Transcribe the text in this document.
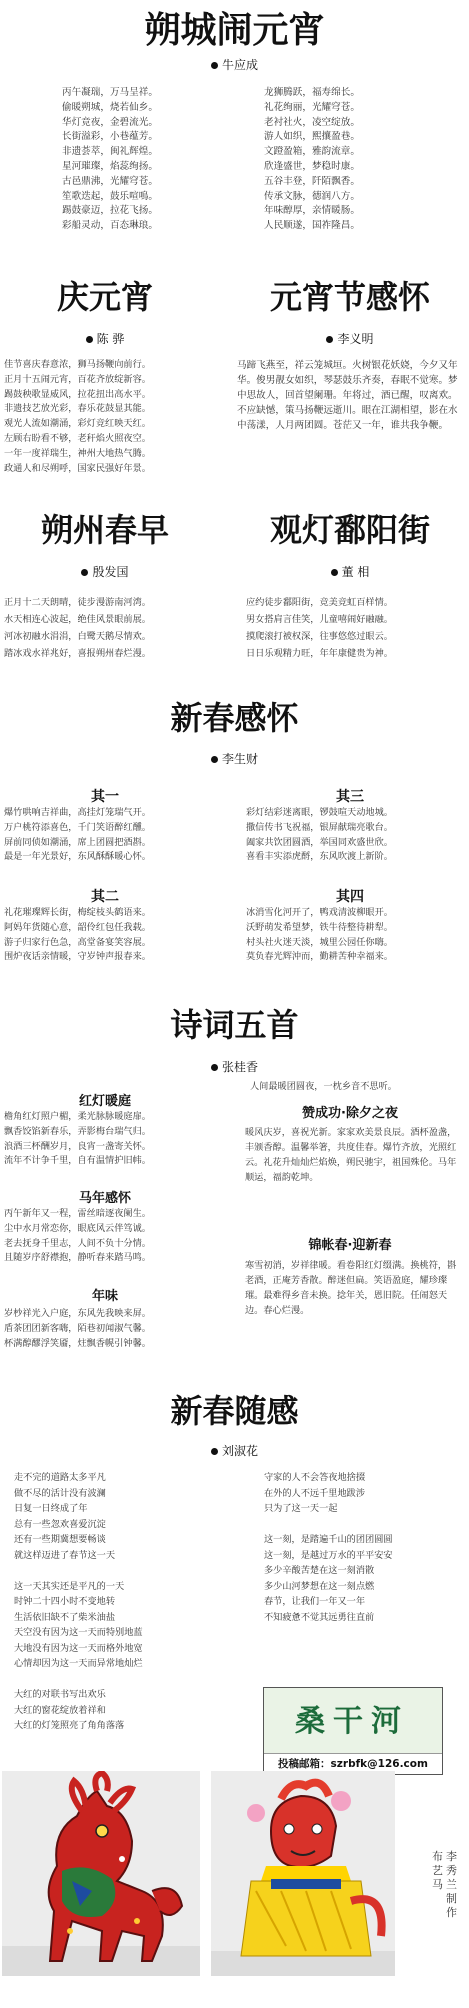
朔城闹元宵
牛应成
丙午凝瑞，万马呈祥。
偷暖朔城，烧若仙乡。
华灯竞夜，金碧流光。
长街溢彩，小巷蕴芳。
非遗荟萃，闽礼辉煌。
星河璀璨，焰蕊绚扬。
古邑鼎沸，光耀穹苍。
笙歌迭起，鼓乐喧鳴。
踢鼓豪迈，拉花飞扬。
彩船灵动，百态琳琅。
龙狮腾跃，福寿绵长。
礼花绚丽，光耀穹苍。
老衬社火，凌空绽放。
游人如织，熙攘盈巷。
文蹬盈箱，雅韵流章。
欣逢盛世，梦稳时康。
五谷丰登，阡陌飘香。
传承文脉，德润八方。
年味醇厚，亲情暖肠。
人民顺遂，国祚隆昌。
庆元宵
陈 骅
佳节喜庆春意浓，狮马扬鞭向前行。
正月十五闹元宵，百花齐放绽新容。
踢鼓秧歌显威风，拉花扭出高水平。
非遗技艺放光彩，春乐花鼓显其能。
观光人流如潮涌，彩灯竞红映天红。
左顾右盼看不够，老秆焰火照夜空。
一年一度祥瑞生，神州大地热气腾。
政通人和尽朔呼，国家民强好年景。
元宵节感怀
李义明

马蹄飞燕至，祥云笼城垣。火树银花妖娆，今夕又年华。俊男靓女如织，琴瑟鼓乐齐奏，春眠不觉寒。梦中思故人，回首望阑珊。年将过，酒已醒，叹离欢。不应缺憾，策马扬鞭远逝川。眼在江湖相望，影在水中荡漾，人月两团圆。苍茫又一年，谁共我争鞭。

朔州春早
殷发国
正月十二天朗晴，徒步漫游南河湾。
水天相连心波起，绝佳风景眼前展。
河冰初融水涓涓，白鹭天鹅尽情欢。
踏冰戏水祥兆好，喜报朔州春烂漫。
观灯鄱阳街
董 相
应约徒步鄱阳街，竞美竞虹百样情。
男女搭肩言佳笑，儿童嘻闹好融融。
摸爬滚打被权深，往事悠悠过眼云。
日日乐观精力旺，年年康健贵为神。
新春感怀
李生财
其一
爆竹哄响吉祥曲，高挂灯笼瑞气开。
万户桃符添喜色，千门笑语醉红醺。
屏前同侦如潮涌，席上团圆把酒斟。
最是一年光景好，东风酥酥暖心怀。
其三
彩灯结彩迷离眼，锣鼓喧天动地城。
撒信传书飞祝福，银屏献瑞亮歌台。
阖家共饮团圆酒，举国同欢盛世欣。
喜看丰实添虎酹，东风吹渡上新阶。
其二
礼花璀璨辉长街，梅绽枝头鹤语来。
阿妈年货随心意，韶伶红包任我载。
游子归家行色急，高堂备宴笑容展。
围炉夜话亲情暖，守岁钟声报春来。
其四
冰消雪化河开了，鸭戏清波柳眼开。
沃野萌发希望梦，铁牛待整待耕犁。
村头社火迷天淡，城里公园任你嗨。
莫负春光辉沖而，勤耕苦种幸福来。
诗词五首
张桂香
红灯暖庭
檐角红灯照户楣，柔光脉脉暖庭扉。
飘香饺馅新春乐，弄影梅台瑞气归。
浪酒三杯酬岁月，良宵一盏寄关怀。
流年不计争千里，自有温情护旧帏。
马年感怀
丙午新年又一程，雷丝暗逐夜阑生。
尘中水月常恋你，眼底风云伴笃诚。
老去抚身千里志，人间不负十分情。
且随岁序舒襟抱，静听春来踏马鸣。
年味
岁杪祥光入户庭，东风先我映来屏。
盾茶团团新客嗨，陌巷初闻淑气馨。
杯满醇醪浮笑靥，炷飘香幌引钟馨。
人间最暖团圆夜，一枕乡音不思听。
赞成功·除夕之夜

暖风庆岁，喜祝光新。家家欢美景良辰。酒杯盈盏，丰颁香醇。温馨举箸，共度佳春。爆竹齐放，光照红云。礼花升灿灿烂焰焕，朔民驰宇，祖国殊伦。马年顺运，福韵乾坤。

锦帐春·迎新春

寒雪初消，岁祥律暖。看卷阳红灯缀满。换桃符，斟老酒，正庵芳香散。醉迷但扁。笑语盈庭，耀珍璨璀。最难得乡音未换。捻年关，恩旧院。任闹怒天边。春心烂漫。

新春随感
刘淑花
走不完的道路太多平凡
做不尽的活计没有波澜
日复一日终成了年
总有一些忽欢喜爱沉淀
还有一些期冀想要畅谈
就这样迈进了春节这一天

这一天其实还是平凡的一天
时钟二十四小时不变地转
生活依旧缺不了柴米油盐
天空没有因为这一天而特别地蓝
大地没有因为这一天而格外地宽
心情却因为这一天而异常地灿烂

大红的对联书写出欢乐
大红的窗花绽放着祥和
大红的灯笼照亮了角角落落
守家的人不会答夜地捨掇
在外的人不远千里地跋涉
只为了这一天一起

这一刻，是踏遍千山的团团圆圆
这一刻，是越过万水的平平安安
多少辛酸苦楚在这一刻消散
多少山河梦想在这一刻点燃
春节，让我们一年又一年
不知疲惫不觉其远勇往直前
桑干河
投稿邮箱：szrbfk@126.com
布艺马
李秀兰 制作
